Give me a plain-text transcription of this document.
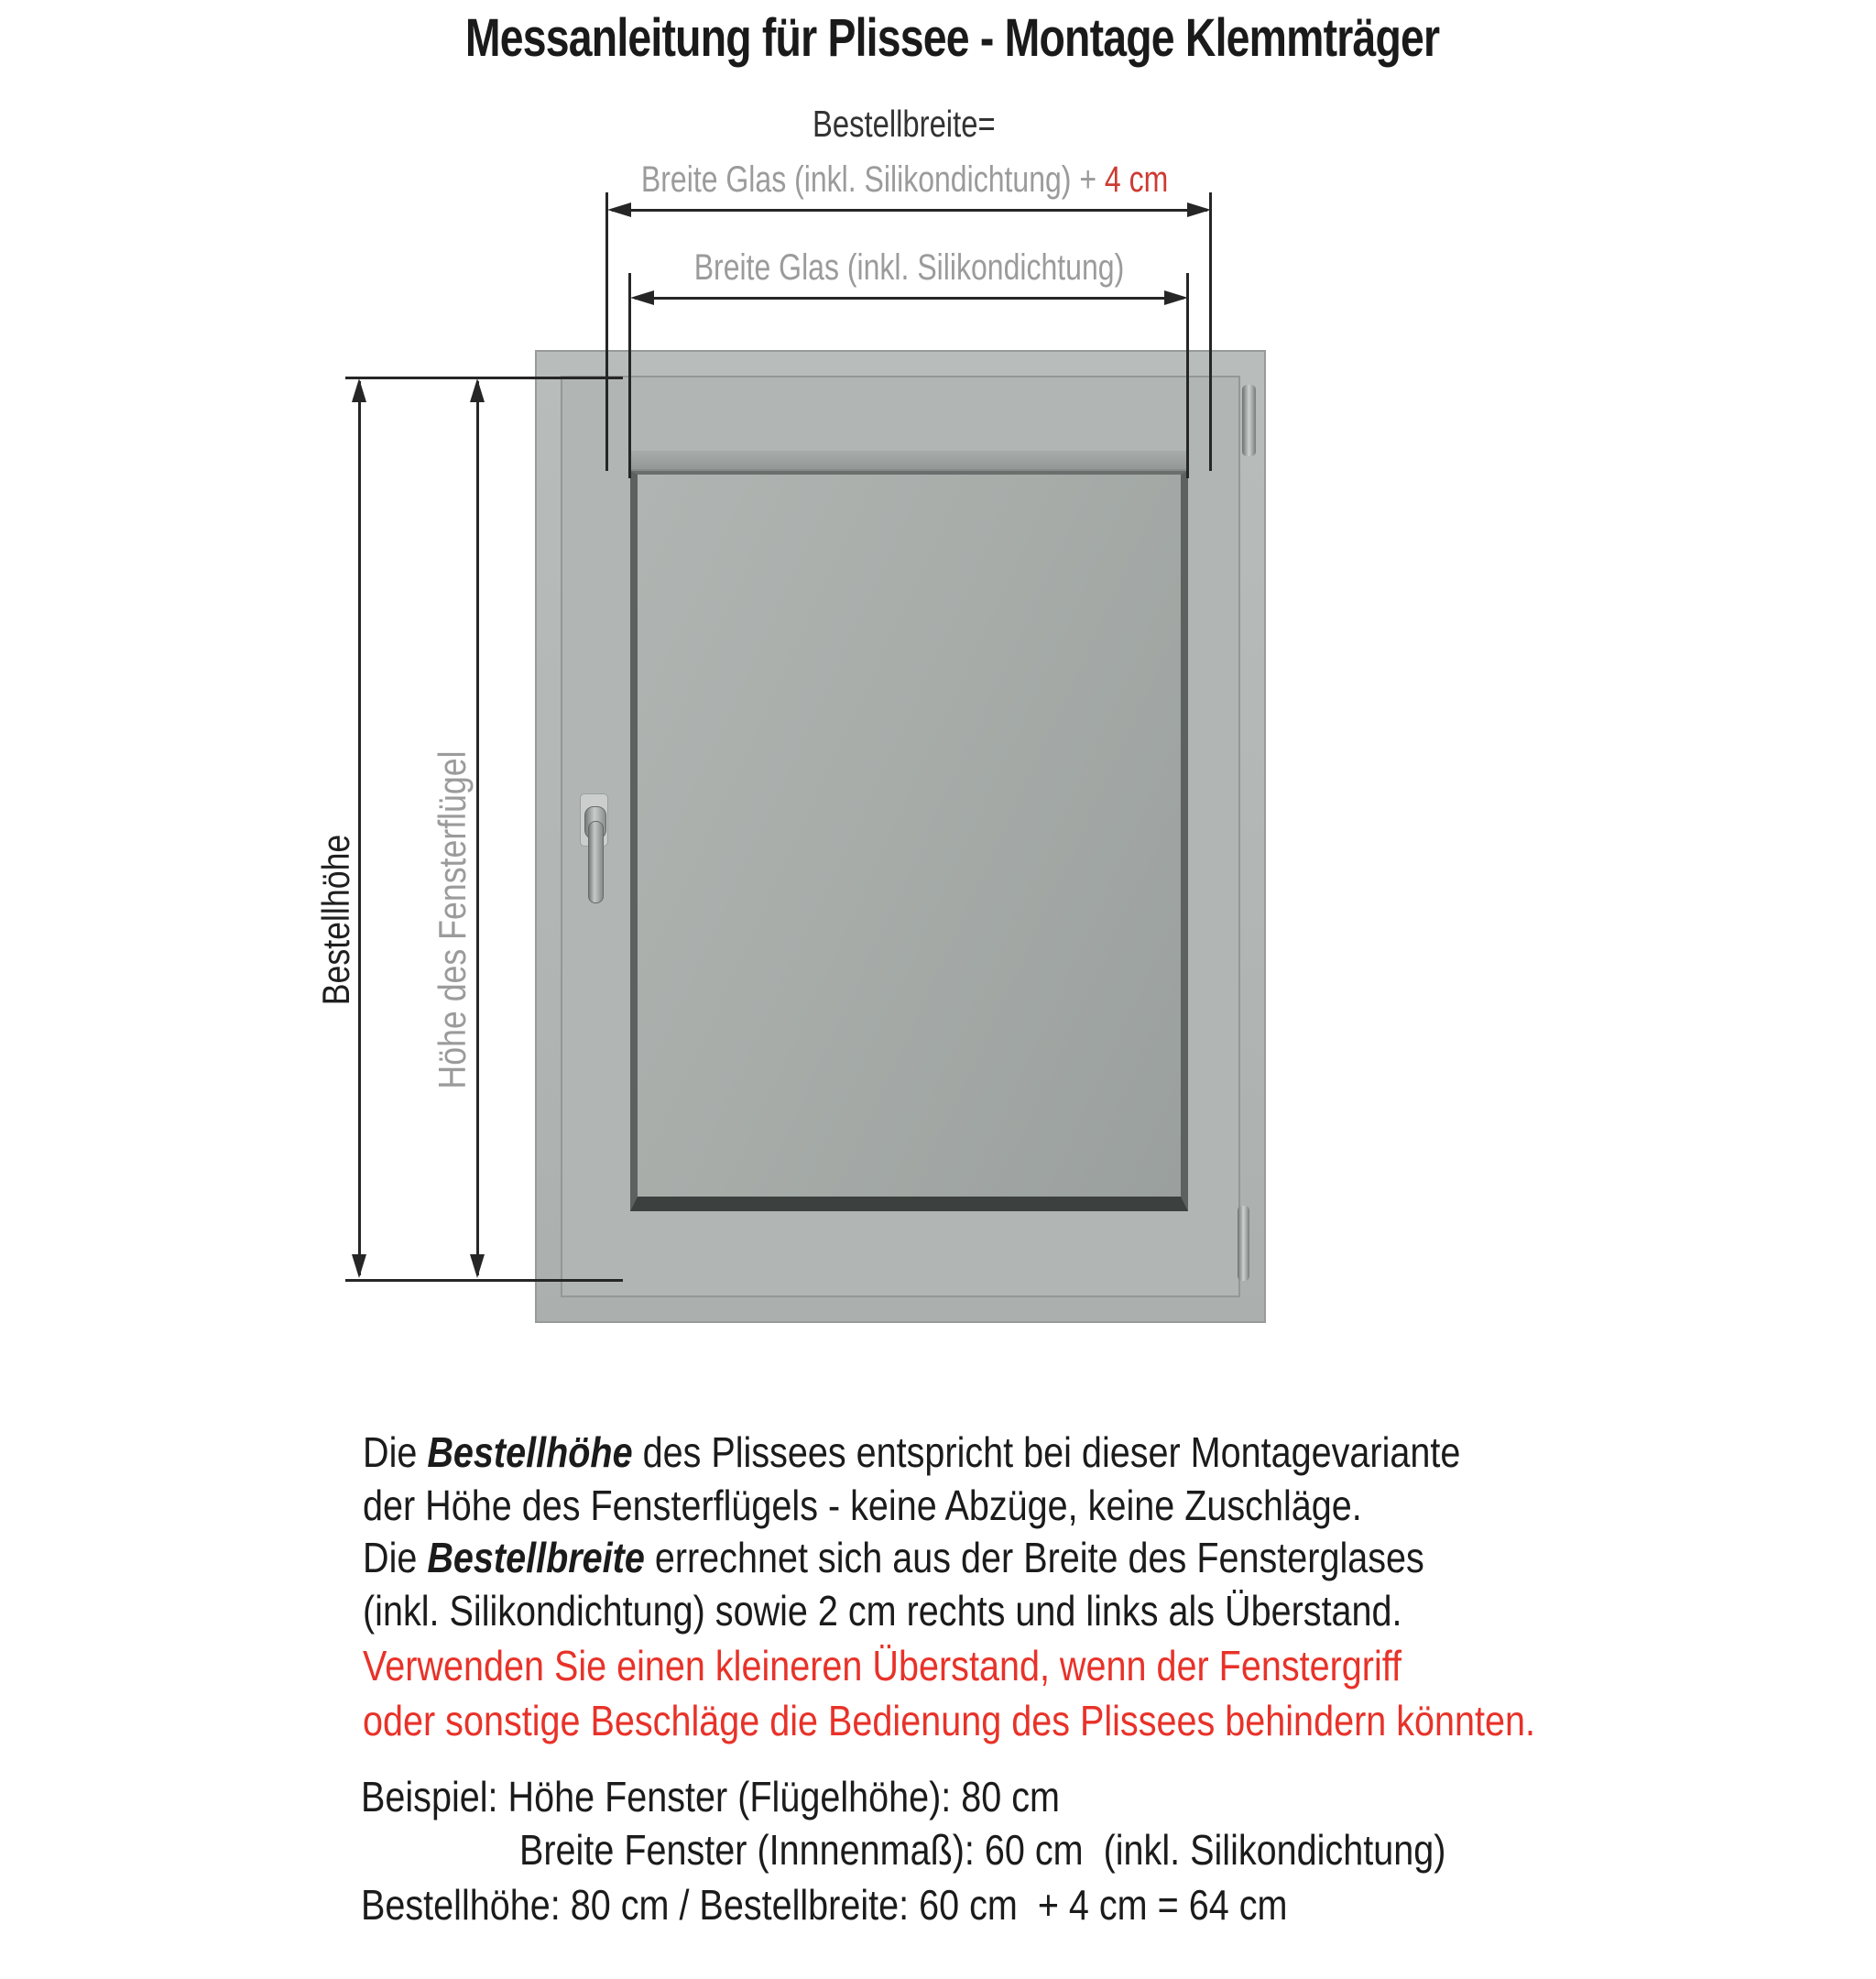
Messanleitung für Plissee - Montage Klemmträger
Bestellbreite=
Breite Glas (inkl. Silikondichtung) + 4 cm
Breite Glas (inkl. Silikondichtung)

Bestellhöhe

Höhe des Fensterflügel

Die Bestellhöhe des Plissees entspricht bei dieser Montagevariante

der Höhe des Fensterflügels - keine Abzüge, keine Zuschläge.

Die Bestellbreite errechnet sich aus der Breite des Fensterglases

(inkl. Silikondichtung) sowie 2 cm rechts und links als Überstand.

Verwenden Sie einen kleineren Überstand, wenn der Fenstergriff

oder sonstige Beschläge die Bedienung des Plissees behindern könnten.

Beispiel: Höhe Fenster (Flügelhöhe): 80 cm

Breite Fenster (Innnenmaß): 60 cm  (inkl. Silikondichtung)

Bestellhöhe: 80 cm / Bestellbreite: 60 cm  + 4 cm = 64 cm
